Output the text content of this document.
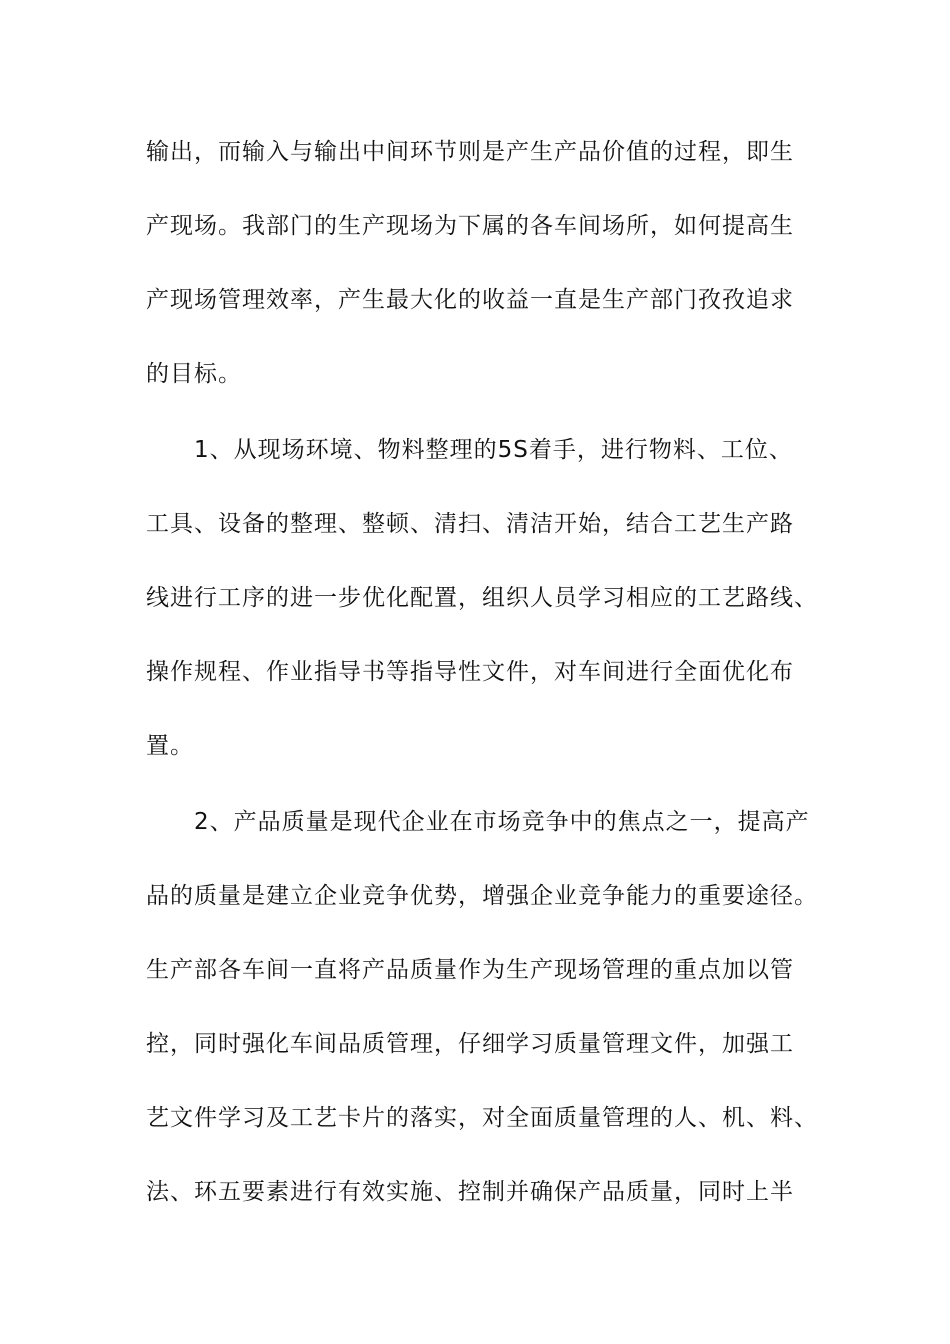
输出，而输入与输出中间环节则是产生产品价值的过程，即生
产现场。我部门的生产现场为下属的各车间场所，如何提高生
产现场管理效率，产生最大化的收益一直是生产部门孜孜追求
的目标。
1、从现场环境、物料整理的5S着手，进行物料、工位、
工具、设备的整理、整顿、清扫、清洁开始，结合工艺生产路
线进行工序的进一步优化配置，组织人员学习相应的工艺路线、
操作规程、作业指导书等指导性文件，对车间进行全面优化布
置。
2、产品质量是现代企业在市场竞争中的焦点之一，提高产
品的质量是建立企业竞争优势，增强企业竞争能力的重要途径。
生产部各车间一直将产品质量作为生产现场管理的重点加以管
控，同时强化车间品质管理，仔细学习质量管理文件，加强工
艺文件学习及工艺卡片的落实，对全面质量管理的人、机、料、
法、环五要素进行有效实施、控制并确保产品质量，同时上半
